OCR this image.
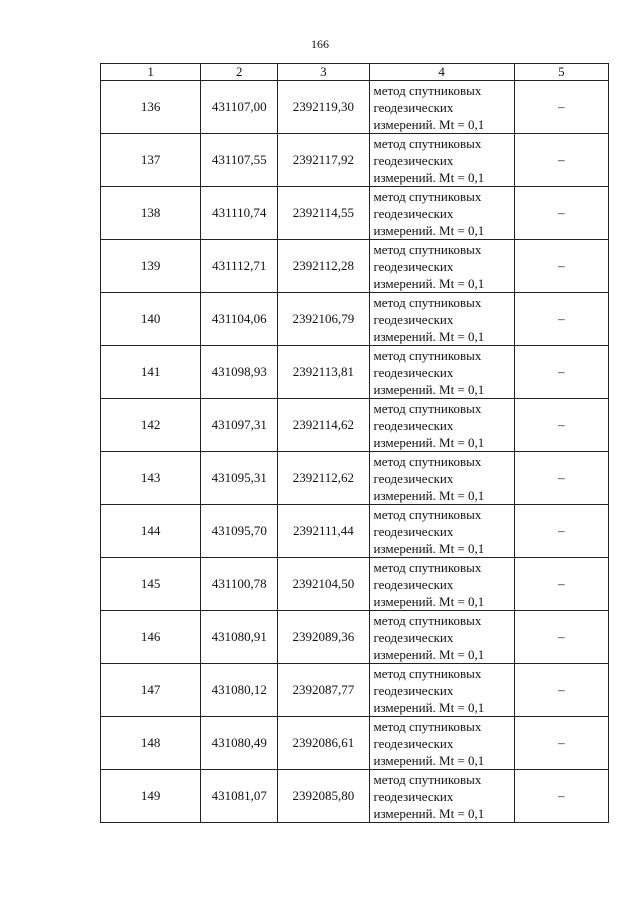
166
1	2	3	4	5
136	431107,00	2392119,30	метод спутниковых
геодезических
измерений. Mt = 0,1	–
137	431107,55	2392117,92	метод спутниковых
геодезических
измерений. Mt = 0,1	–
138	431110,74	2392114,55	метод спутниковых
геодезических
измерений. Mt = 0,1	–
139	431112,71	2392112,28	метод спутниковых
геодезических
измерений. Mt = 0,1	–
140	431104,06	2392106,79	метод спутниковых
геодезических
измерений. Mt = 0,1	–
141	431098,93	2392113,81	метод спутниковых
геодезических
измерений. Mt = 0,1	–
142	431097,31	2392114,62	метод спутниковых
геодезических
измерений. Mt = 0,1	–
143	431095,31	2392112,62	метод спутниковых
геодезических
измерений. Mt = 0,1	–
144	431095,70	2392111,44	метод спутниковых
геодезических
измерений. Mt = 0,1	–
145	431100,78	2392104,50	метод спутниковых
геодезических
измерений. Mt = 0,1	–
146	431080,91	2392089,36	метод спутниковых
геодезических
измерений. Mt = 0,1	–
147	431080,12	2392087,77	метод спутниковых
геодезических
измерений. Mt = 0,1	–
148	431080,49	2392086,61	метод спутниковых
геодезических
измерений. Mt = 0,1	–
149	431081,07	2392085,80	метод спутниковых
геодезических
измерений. Mt = 0,1	–
